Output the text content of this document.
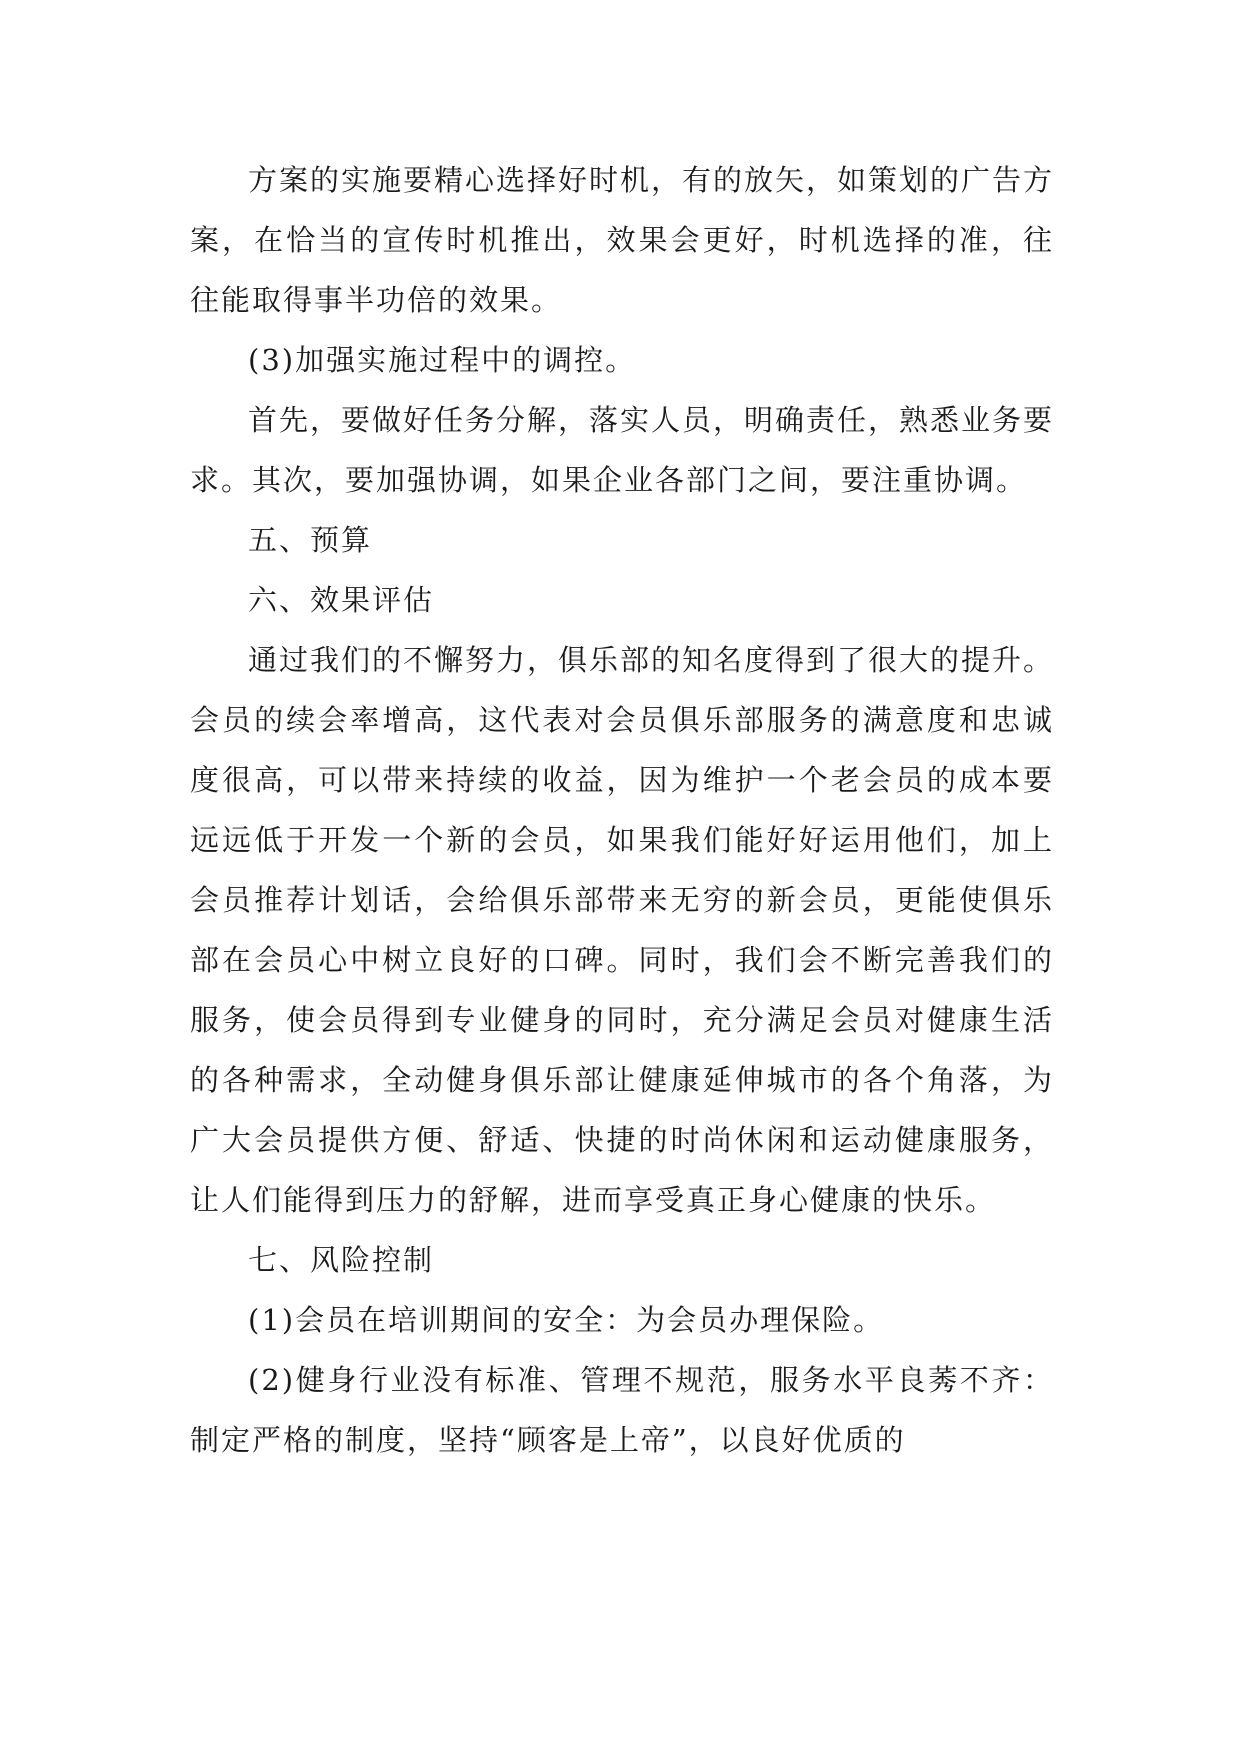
方案的实施要精心选择好时机，有的放矢，如策划的广告方案，在恰当的宣传时机推出，效果会更好，时机选择的准，往往能取得事半功倍的效果。

(3)加强实施过程中的调控。

首先，要做好任务分解，落实人员，明确责任，熟悉业务要求。其次，要加强协调，如果企业各部门之间，要注重协调。

五、预算

六、效果评估

通过我们的不懈努力，俱乐部的知名度得到了很大的提升。会员的续会率增高，这代表对会员俱乐部服务的满意度和忠诚度很高，可以带来持续的收益，因为维护一个老会员的成本要远远低于开发一个新的会员，如果我们能好好运用他们，加上会员推荐计划话，会给俱乐部带来无穷的新会员，更能使俱乐部在会员心中树立良好的口碑。同时，我们会不断完善我们的服务，使会员得到专业健身的同时，充分满足会员对健康生活的各种需求，全动健身俱乐部让健康延伸城市的各个角落，为广大会员提供方便、舒适、快捷的时尚休闲和运动健康服务，让人们能得到压力的舒解，进而享受真正身心健康的快乐。

七、风险控制

(1)会员在培训期间的安全：为会员办理保险。

(2)健身行业没有标准、管理不规范，服务水平良莠不齐：制定严格的制度，坚持“顾客是上帝”，以良好优质的
